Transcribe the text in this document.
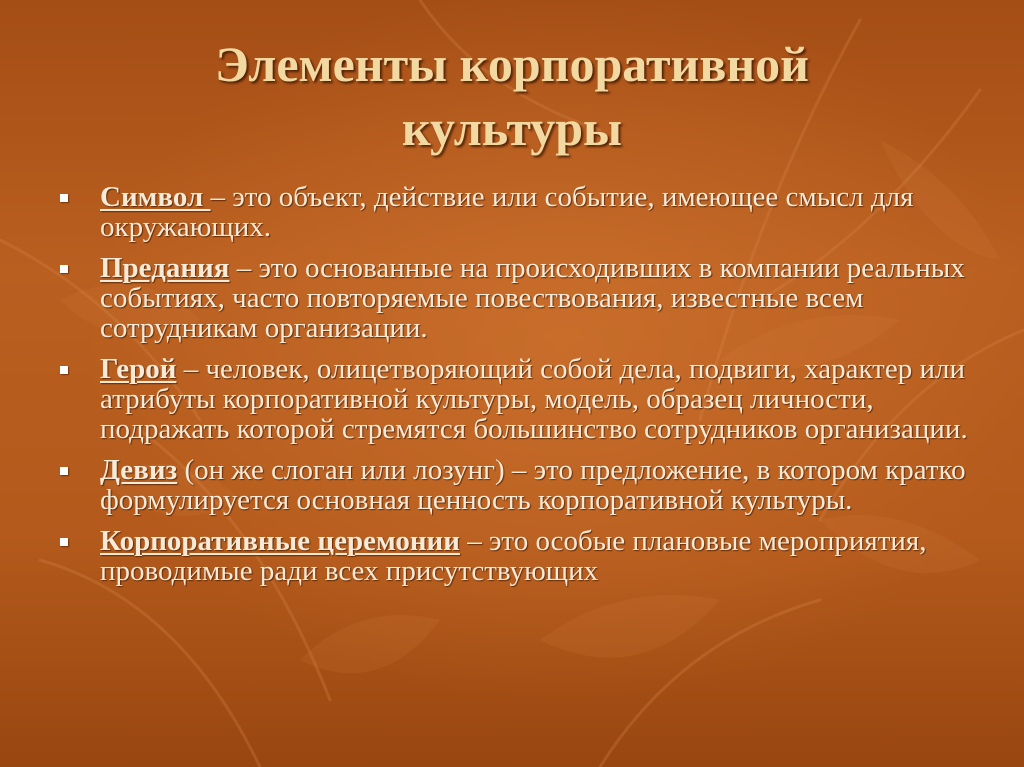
Элементы корпоративной
культуры
Символ – это объект, действие или событие, имеющее смысл для окружающих.
Предания – это основанные на происходивших в компании реальных событиях, часто повторяемые повествования, известные всем сотрудникам организации.
Герой – человек, олицетворяющий собой дела, подвиги, характер или атрибуты корпоративной культуры, модель, образец личности, подражать которой стремятся большинство сотрудников организации.
Девиз (он же слоган или лозунг) – это предложение, в котором кратко формулируется основная ценность корпоративной культуры.
Корпоративные церемонии – это особые плановые мероприятия, проводимые ради всех присутствующих
